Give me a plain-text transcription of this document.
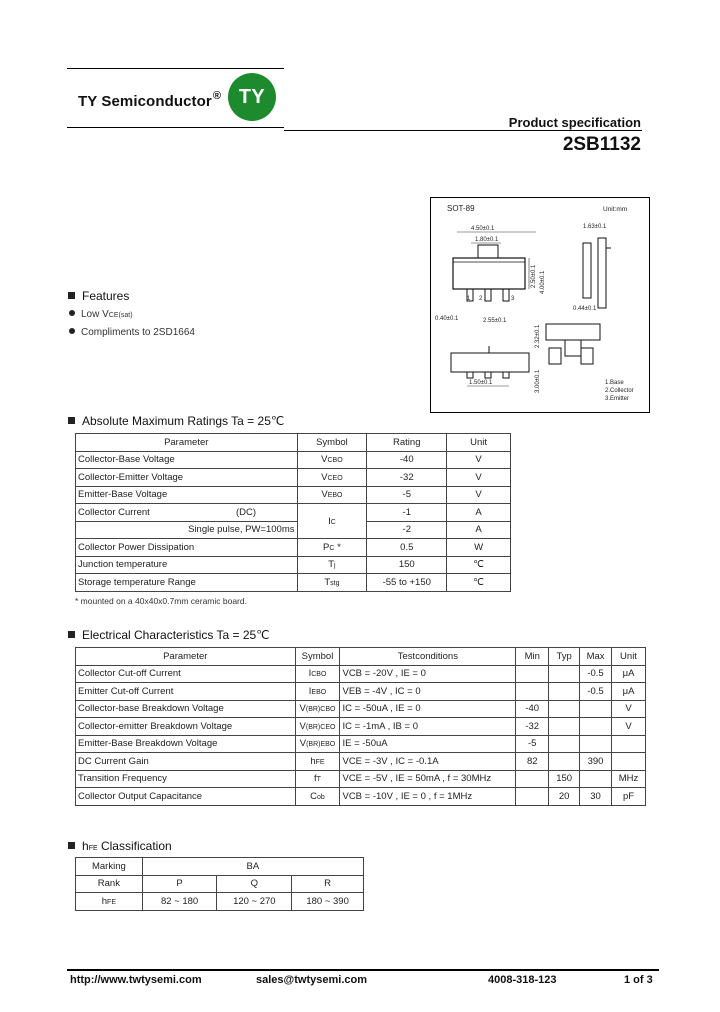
TY Semiconductor® TY
Product specification
2SB1132
SOT-89	Unit:mm
4.50±0.1
1.80±0.1
1 2	3
0.40±0.1	2.55±0.1
2.50±0.1 4.00±0.1
1.63±0.1
0.44±0.1
1.50±0.1
2.32±0.1
3.00±0.1	1.Base
2.Collector
3.Emitter
Features
Low VCE(sat)
Compliments to 2SD1664
Absolute Maximum Ratings Ta = 25℃
Parameter	Symbol	Rating	Unit
Collector-Base Voltage	VCBO	-40	V
Collector-Emitter Voltage	VCEO	-32	V
Emitter-Base Voltage	VEBO	-5	V
Collector Current (DC)	IC	-1	A
Single pulse, PW=100ms		-2	A
Collector Power Dissipation	PC *	0.5	W
Junction temperature	Tj	150	℃
Storage temperature Range	Tstg	-55 to +150	℃
* mounted on a 40x40x0.7mm ceramic board.
Electrical Characteristics Ta = 25℃
Parameter	Symbol	Testconditions	Min	Typ	Max	Unit
Collector Cut-off Current	ICBO	VCB = -20V , IE = 0			-0.5	μA
Emitter Cut-off Current	IEBO	VEB = -4V , IC = 0			-0.5	μA
Collector-base Breakdown Voltage	V(BR)CBO	IC = -50uA , IE = 0	-40			V
Collector-emitter Breakdown Voltage	V(BR)CEO	IC = -1mA , IB = 0	-32			V
Emitter-Base Breakdown Voltage	V(BR)EBO	IE = -50uA	-5			
DC Current Gain	hFE	VCE = -3V , IC = -0.1A	82		390	
Transition Frequency	fT	VCE = -5V , IE = 50mA , f = 30MHz		150		MHz
Collector Output Capacitance	Cob	VCB = -10V , IE = 0 , f = 1MHz		20	30	pF
hFE Classification
Marking	BA		
Rank	P	Q	R
hFE	82 ~ 180	120 ~ 270	180 ~ 390
http://www.twtysemi.com	sales@twtysemi.com	4008-318-123	1 of 3
